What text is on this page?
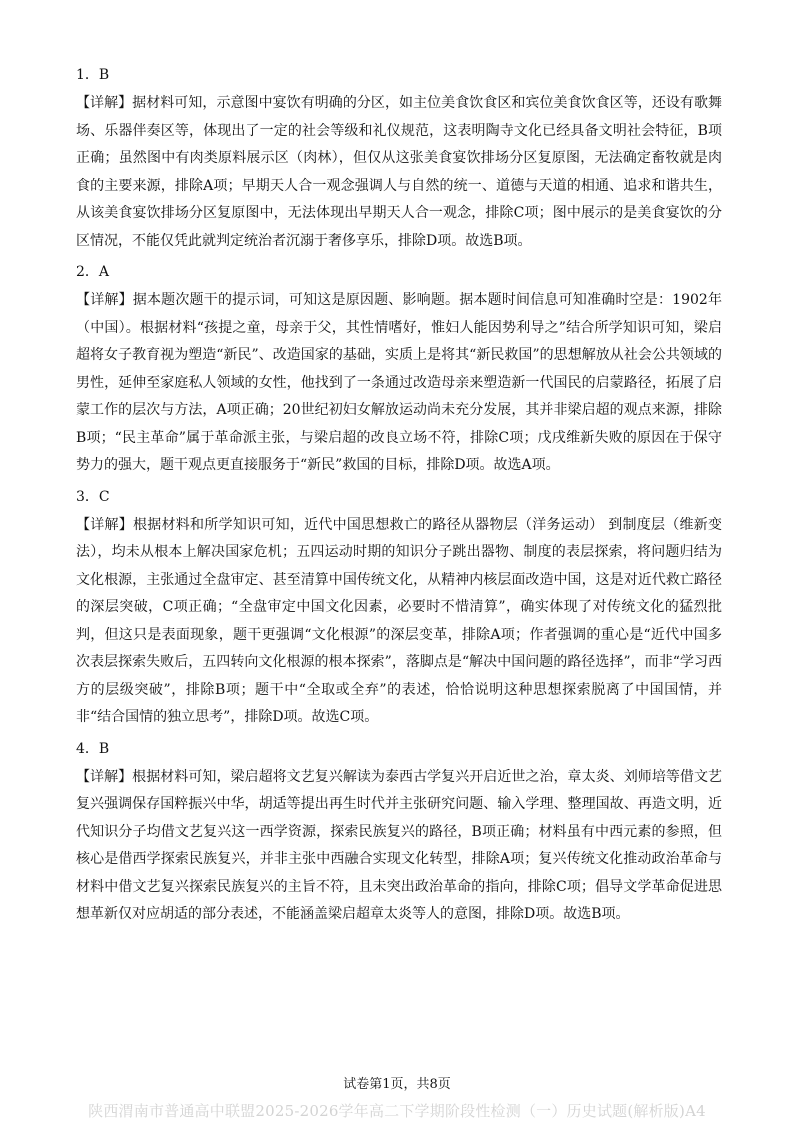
1．B

【详解】据材料可知，示意图中宴饮有明确的分区，如主位美食饮食区和宾位美食饮食区等，还设有歌舞场、乐器伴奏区等，体现出了一定的社会等级和礼仪规范，这表明陶寺文化已经具备文明社会特征，B项正确；虽然图中有肉类原料展示区（肉林），但仅从这张美食宴饮排场分区复原图，无法确定畜牧就是肉食的主要来源，排除A项；早期天人合一观念强调人与自然的统一、道德与天道的相通、追求和谐共生，从该美食宴饮排场分区复原图中，无法体现出早期天人合一观念，排除C项；图中展示的是美食宴饮的分区情况，不能仅凭此就判定统治者沉溺于奢侈享乐，排除D项。故选B项。

2．A

【详解】据本题次题干的提示词，可知这是原因题、影响题。据本题时间信息可知准确时空是：1902年（中国）。根据材料“孩提之童，母亲于父，其性情嗜好，惟妇人能因势利导之”结合所学知识可知，梁启超将女子教育视为塑造“新民”、改造国家的基础，实质上是将其“新民救国”的思想解放从社会公共领域的男性，延伸至家庭私人领域的女性，他找到了一条通过改造母亲来塑造新一代国民的启蒙路径，拓展了启蒙工作的层次与方法，A项正确；20世纪初妇女解放运动尚未充分发展，其并非梁启超的观点来源，排除B项；“民主革命”属于革命派主张，与梁启超的改良立场不符，排除C项；戊戌维新失败的原因在于保守势力的强大，题干观点更直接服务于“新民”救国的目标，排除D项。故选A项。

3．C

【详解】根据材料和所学知识可知，近代中国思想救亡的路径从器物层（洋务运动） 到制度层（维新变法），均未从根本上解决国家危机；五四运动时期的知识分子跳出器物、制度的表层探索，将问题归结为文化根源，主张通过全盘审定、甚至清算中国传统文化，从精神内核层面改造中国，这是对近代救亡路径的深层突破，C项正确；“全盘审定中国文化因素，必要时不惜清算”，确实体现了对传统文化的猛烈批判，但这只是表面现象，题干更强调“文化根源”的深层变革，排除A项；作者强调的重心是“近代中国多次表层探索失败后，五四转向文化根源的根本探索”，落脚点是“解决中国问题的路径选择”，而非“学习西方的层级突破”，排除B项；题干中“全取或全弃”的表述，恰恰说明这种思想探索脱离了中国国情，并非“结合国情的独立思考”，排除D项。故选C项。

4．B

【详解】根据材料可知，梁启超将文艺复兴解读为泰西古学复兴开启近世之治，章太炎、刘师培等借文艺复兴强调保存国粹振兴中华，胡适等提出再生时代并主张研究问题、输入学理、整理国故、再造文明，近代知识分子均借文艺复兴这一西学资源，探索民族复兴的路径，B项正确；材料虽有中西元素的参照，但核心是借西学探索民族复兴，并非主张中西融合实现文化转型，排除A项；复兴传统文化推动政治革命与材料中借文艺复兴探索民族复兴的主旨不符，且未突出政治革命的指向，排除C项；倡导文学革命促进思想革新仅对应胡适的部分表述，不能涵盖梁启超章太炎等人的意图，排除D项。故选B项。

试卷第1页，共8页
陕西渭南市普通高中联盟2025-2026学年高二下学期阶段性检测（一）历史试题(解析版)A4
